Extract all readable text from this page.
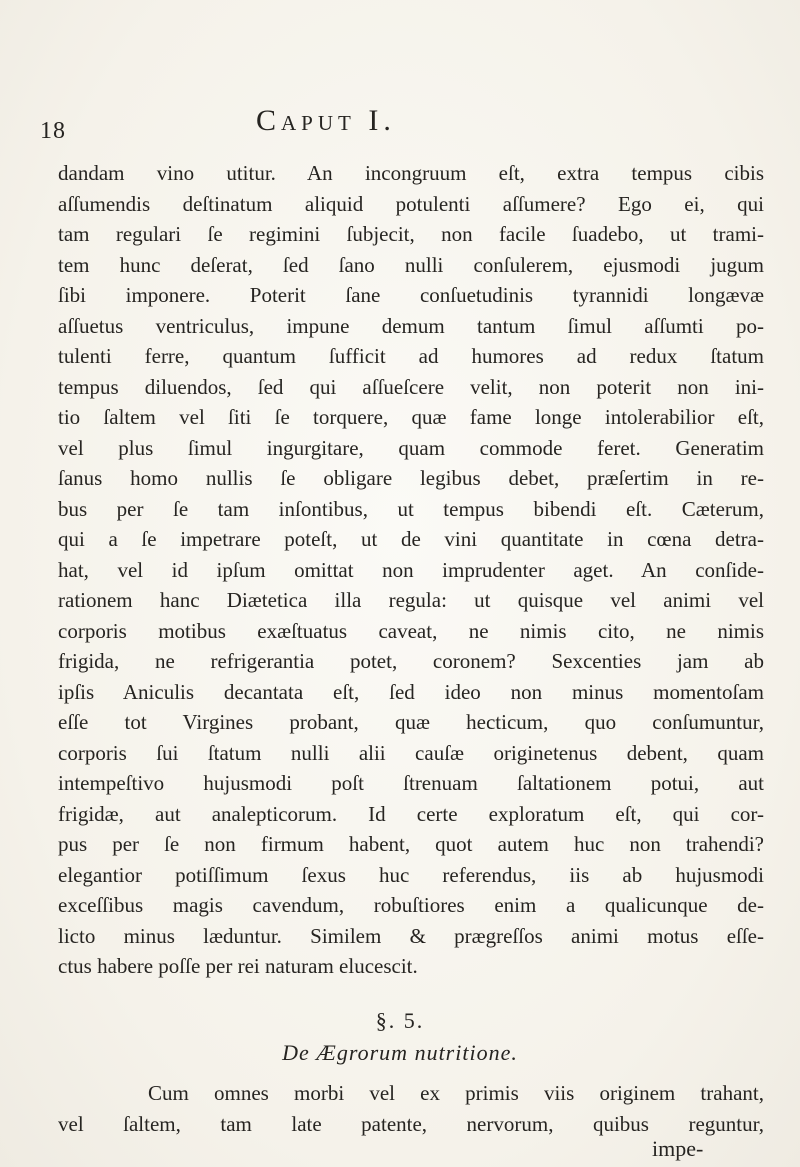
18	Caput I.
dandam vino utitur. An incongruum eſt, extra tempus cibis
aſſumendis deſtinatum aliquid potulenti aſſumere? Ego ei, qui
tam regulari ſe regimini ſubjecit, non facile ſuadebo, ut trami-
tem hunc deſerat, ſed ſano nulli conſulerem, ejusmodi jugum
ſibi imponere. Poterit ſane conſuetudinis tyrannidi longævæ
aſſuetus ventriculus, impune demum tantum ſimul aſſumti po-
tulenti ferre, quantum ſufficit ad humores ad redux ſtatum
tempus diluendos, ſed qui aſſueſcere velit, non poterit non ini-
tio ſaltem vel ſiti ſe torquere, quæ fame longe intolerabilior eſt,
vel plus ſimul ingurgitare, quam commode feret. Generatim
ſanus homo nullis ſe obligare legibus debet, præſertim in re-
bus per ſe tam inſontibus, ut tempus bibendi eſt. Cæterum,
qui a ſe impetrare poteſt, ut de vini quantitate in cœna detra-
hat, vel id ipſum omittat non imprudenter aget. An conſide-
rationem hanc Diætetica illa regula: ut quisque vel animi vel
corporis motibus exæſtuatus caveat, ne nimis cito, ne nimis
frigida, ne refrigerantia potet, coronem? Sexcenties jam ab
ipſis Aniculis decantata eſt, ſed ideo non minus momentoſam
eſſe tot Virgines probant, quæ hecticum, quo conſumuntur,
corporis ſui ſtatum nulli alii cauſæ originetenus debent, quam
intempeſtivo hujusmodi poſt ſtrenuam ſaltationem potui, aut
frigidæ, aut analepticorum. Id certe exploratum eſt, qui cor-
pus per ſe non firmum habent, quot autem huc non trahendi?
elegantior potiſſimum ſexus huc referendus, iis ab hujusmodi
exceſſibus magis cavendum, robuſtiores enim a qualicunque de-
licto minus læduntur. Similem & prægreſſos animi motus eſſe-
ctus habere poſſe per rei naturam elucescit.
§. 5.
De Ægrorum nutritione.
Cum omnes morbi vel ex primis viis originem trahant,
vel ſaltem, tam late patente, nervorum, quibus reguntur,
impe-
